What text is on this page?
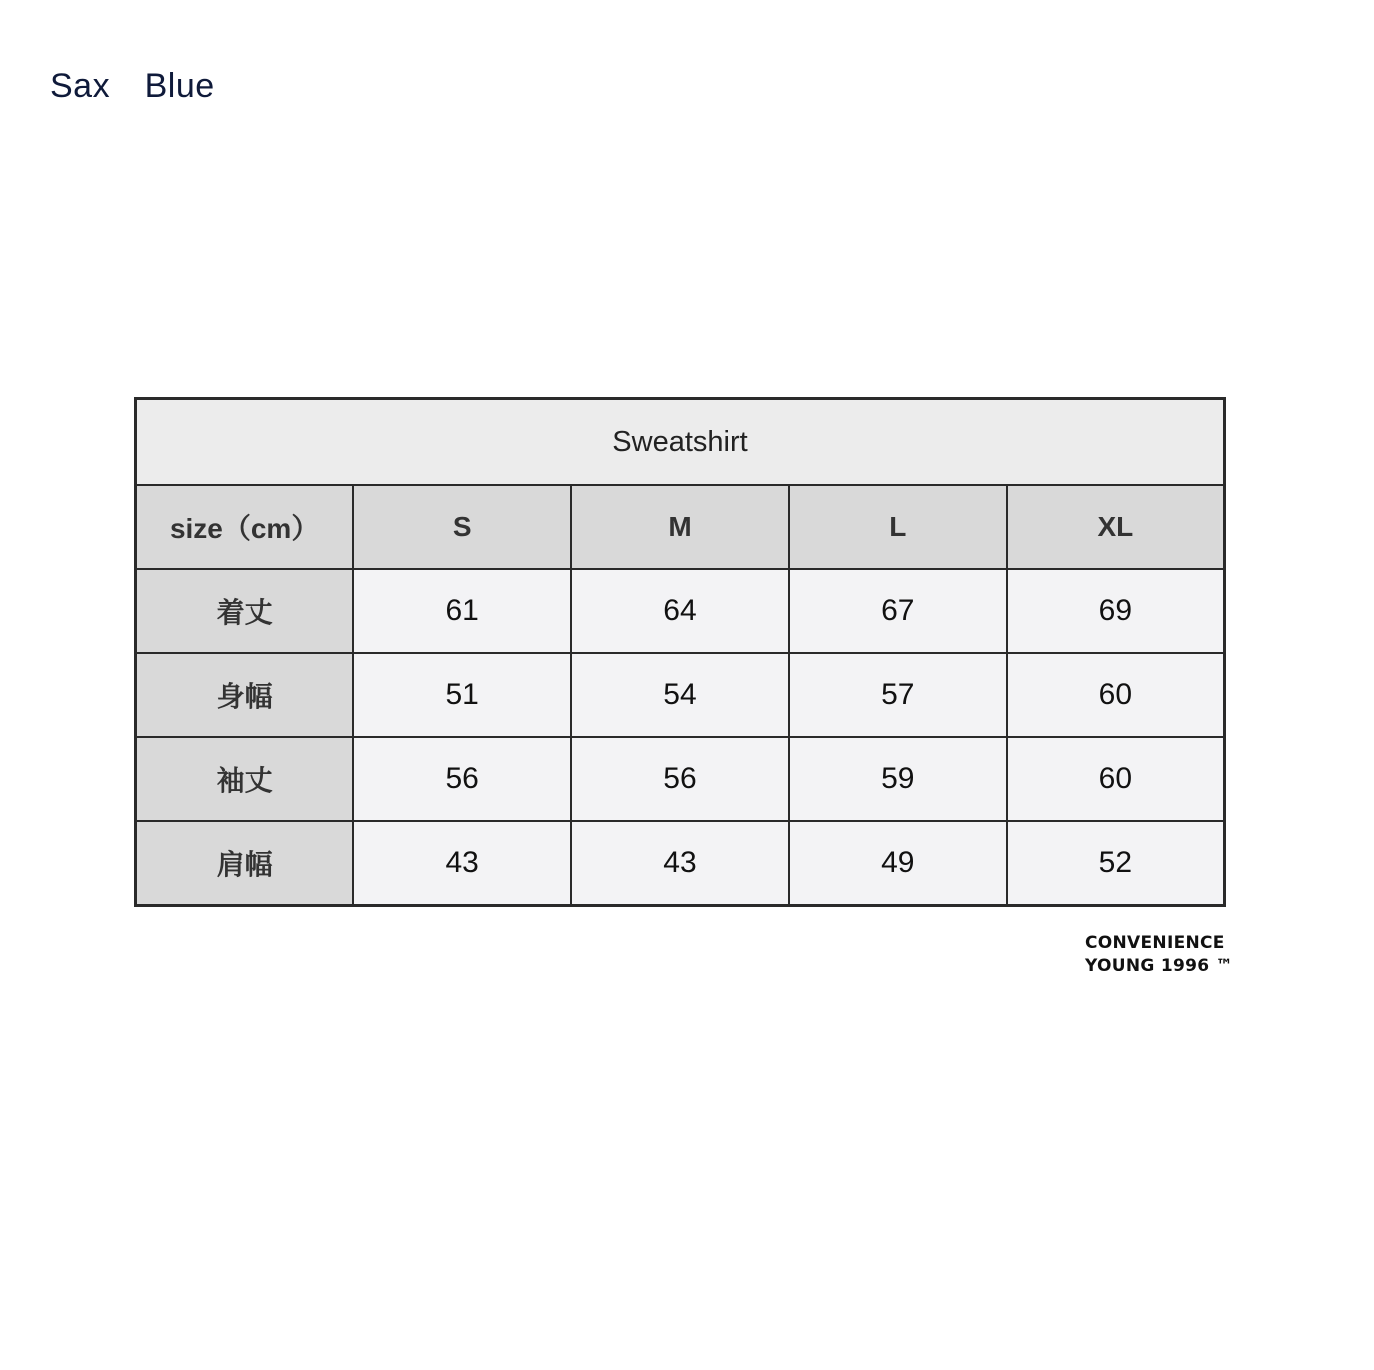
Sax　Blue
Sweatshirt				
size（cm）	S	M	L	XL
着丈	61	64	67	69
身幅	51	54	57	60
袖丈	56	56	59	60
肩幅	43	43	49	52
CONVENIENCE
YOUNG 1996 ™
